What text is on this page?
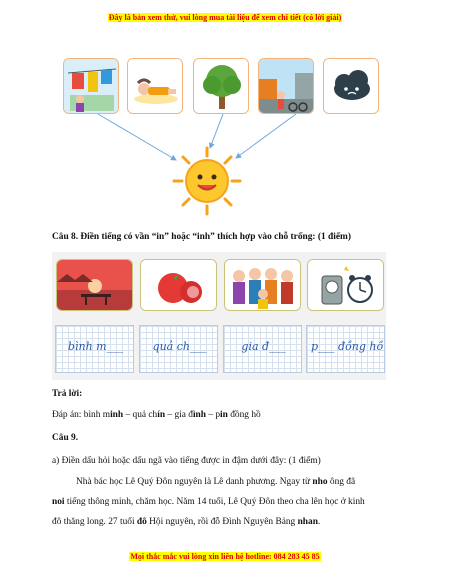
Đây là bản xem thử, vui lòng mua tài liệu để xem chi tiết (có lời giải)
Câu 8. Điền tiếng có vần “in” hoặc “inh” thích hợp vào chỗ trống: (1 điểm)
bình m___	quả ch___	gia đ___	p___ đồng hồ
Trả lời:
Đáp án: bình minh – quả chín – gia đình – pin đồng hồ
Câu 9.
a) Điền dấu hỏi hoặc dấu ngã vào tiếng được in đậm dưới đây: (1 điểm)
Nhà bác học Lê Quý Đôn nguyên là Lê danh phương. Ngay từ nho ông đã
noi tiếng thông minh, chăm học. Năm 14 tuổi, Lê Quý Đôn theo cha lên học ở kinh
đô thăng long. 27 tuổi đô Hội nguyên, rồi đỗ Đình Nguyên Bảng nhan.
Mọi thắc mắc vui lòng xin liên hệ hotline: 084 283 45 85
